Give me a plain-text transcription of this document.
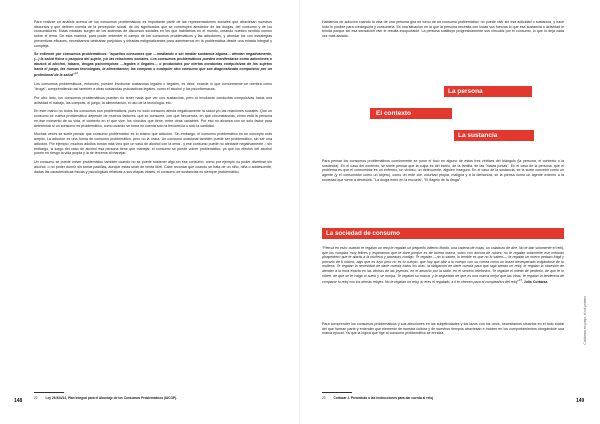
Para realizar un análisis acerca de los consumos problemáticos es importante partir de las representaciones sociales que atraviesan nuestros discursos y que definen cuenta de la percepción social, de los significados que se construyen alrededor de las drogas, del consumo y de los consumidores. Estas miradas surgen de los sistemas de discursos sociales en los que habitamos en el mundo, creando nuestro sentido común sobre el tema. De esta manera, para poder entender el campo de los consumos problemáticos y las adicciones, y abordar los con estrategias preventivas eficaces, necesitamos destrabar prejuicios y miradas estigmatizantes para adentrarnos en la problemática desde una mirada integral y compleja.

Se entiende por consumos problemáticos: "aquellos consumos que —mediando o sin mediar sustancia alguna— afectan negativamente, (...) la salud física o psíquica del sujeto, y/o las relaciones sociales. Los consumos problemáticos pueden manifestarse como adicciones o abusos al alcohol, tabaco, drogas psicotrópicas —legales o ilegales— o producidos por ciertas conductas compulsivas de los sujetos hacia el juego, las nuevas tecnologías, la alimentación, las compras o cualquier otro consumo que sea diagnosticado compulsivo por un profesional de la salud"$^{22}$.

Los consumos problemáticos, entonces, pueden involucrar sustancias legales o ilegales, es decir, excede lo que comúnmente se nombra como "droga", comprendiendo así también a otras sustancias psicoactivas legales, como el alcohol y los psicofármacos.

Por otro lado, los consumos problemáticos pueden no tener nada que ver con sustancias, pero si involucrar conductas compulsivas hacia una actividad el trabajo, las compras, el juego, la alimentación, el uso de la tecnología, etc.

En este marco no todos los consumos son problemáticos, pues no todo consumo afecta negativamente la salud y/o las relaciones sociales. Que un consumo se vuelva problemático depende de muchos factores: qué se consume, con qué frecuencia, en qué circunstancias, cómo está la persona en ese momento de su vida, el contexto en el que vive, los vínculos que tiene, entre otras variables. Por eso no alcanza con un solo factor para determinar si un consumo es problemático, como cuando se toma en cuenta solo la frecuencia o sólo la cantidad.

Muchas veces se suele pensar que consumo problemático es lo mismo que adicción. Sin embargo, el consumo problemático es un concepto más amplio. La adicción es una forma de consumo problemático, pero no la única. Un consumo ocasional también puede ser problemático, sin ser una adicción. Por ejemplo, muchos adultos toman más vino que un vaso de alcohol con la cena - y ese consumo puede no afectarle negativamente -; sin embargo, si luego del vaso de alcohol esa persona tiene que manejar, el consumo se puede volver problemático, ya que los efectos del alcohol ponen en riesgo la vida propia y la de terceros al manejar.

Un consumo se puede volver problemático también cuando no se puede sostener algo sin ese consumo, como por ejemplo no poder divertirse sin alcohol, o no poder dormir sin tomar pastillas, aunque estas sean de venta libre. Cabe recordar que cuando se trata de un niño, niña o adolescente, dadas las características físicas y psicológicas relativas a sus etapas vitales, el consumo de sustancias es siempre problemático.

22	Ley 26.934/14, Plan Integral para el Abordaje de los Consumos Problemáticos (IACOP).
148

Hablamos de adicción cuando la vida de una persona gira en torno de un consumo problemático: no puede vivir sin esa actividad o sustancia, y hace todo lo posible para conseguirla y consumirla. Es una situación en la que la persona necesita con todas sus fuerzas lo que esa sustancia o actividad le brinda porque sin esa sensación vivir le resulta insoportable. La persona sustituye progresivamente sus vínculos por el consumo, lo que lo deja cada vez más aislado.

La persona
El contexto
La sustancia

Para pensar los consumos problemáticos comúnmente se pone el foco en alguno de estos tres vértices del triángulo (la persona, el contexto o la sustancia). En el caso del contexto, se suele pensar que la culpa es del barrio, de la familia, de las "malas juntas". En el caso de la persona, que el problema es que el consumidor es un enfermo, un vicioso, un delincuente, alguien inseguro. En el caso de la sustancia, se la suele concebir como un agente (y el consumidor como un objeto), como un ente con voluntad propia, maligna y a la demoniza, se la piensa como un agente externo a la sociedad que viene a destruirla. "La droga entró en la escuela", "El flagelo de la droga".

La sociedad de consumo
"Piensa en esto: cuando te regalan un reloj te regalan un pequeño infierno florido, una cadena de rosas, un calabozo de aire. No te dan solamente el reloj, que los cumplas muy felices y esperamos que te dure porque es de buena marca, suizo con áncora de rubíes; no te regalan solamente ese menudo picapedrero que te atarás a la muñeca y pasearás contigo. Te regalan —no lo saben, lo terrible es que no lo saben—, te regalan un nuevo pedazo frágil y precario de ti mismo, algo que es tuyo pero no es tu cuerpo, que hay que atar a tu cuerpo con su correa como un brazo desesperado colgándose de tu muñeca. Te regalan la necesidad de darle cuerda todos los días, la obligación de darle cuerda para que siga siendo un reloj; te regalan la obsesión de atender a la hora exacta en las vitrinas de las joyerías, en el anuncio por la radio, en el servicio telefónico. Te regalan el miedo de perderlo, de que te lo roben, de que se te caiga al suelo y se rompa. Te regalan su marca, y la seguridad de que es una marca mejor que las otras, te regalan la tendencia de comparar tu reloj con los demás relojes. No te regalan un reloj, tú eres el regalado, a ti te ofrecen para el cumpleaños del reloj"$^{23}$. Julio Cortázar.
Para comprender los consumos problemáticos y sus afecciones en las subjetividades y los lazos con los otros, necesitamos situarlos en el todo social del que forman parte y entender qué elemento de nuestra cultura y de nuestros tiempos atraviesan e inciden en los comportamientos otorgándole una marca epocal. Ya que la lógica que rige al consumo problemático se enraiza
23	Cortázar J. Preámbulo a las instrucciones para dar cuerda al reloj	149
Cuidarnos en juego, el sol primero
